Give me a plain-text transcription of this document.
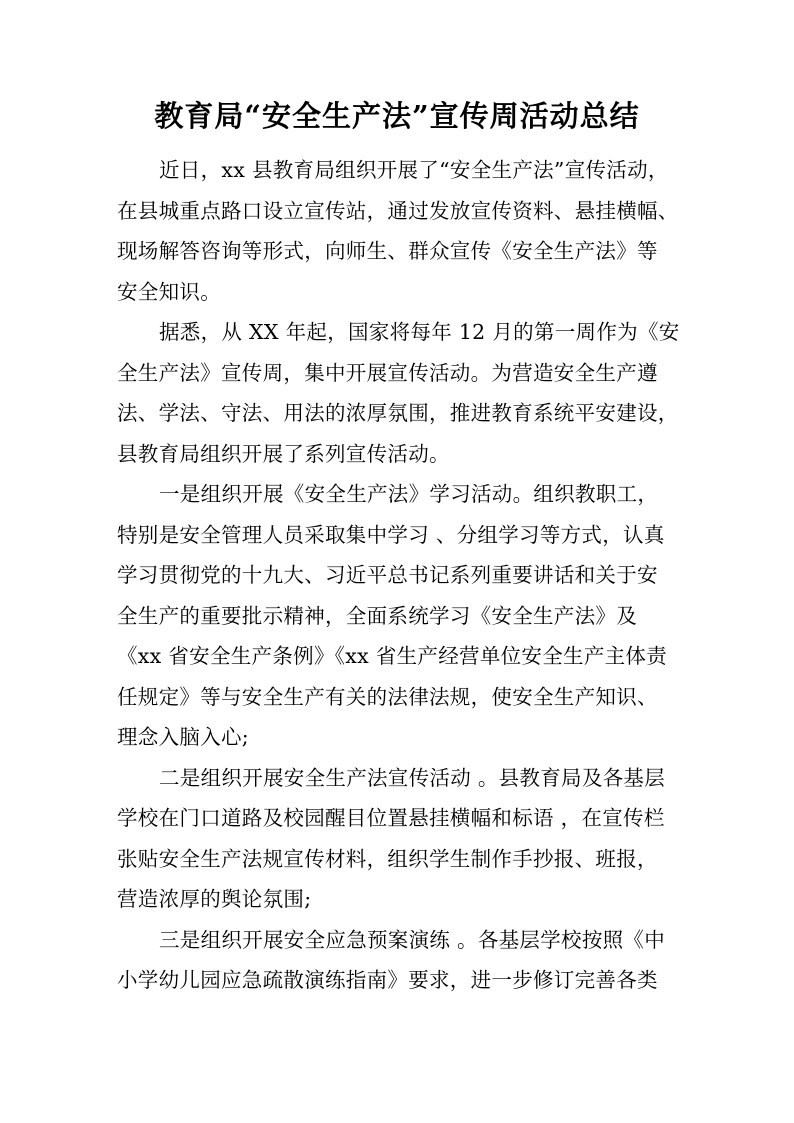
教育局“安全生产法”宣传周活动总结
近日，xx 县教育局组织开展了“安全生产法”宣传活动，
在县城重点路口设立宣传站，通过发放宣传资料、悬挂横幅、
现场解答咨询等形式，向师生、群众宣传《安全生产法》等
安全知识。
据悉，从 XX 年起，国家将每年 12 月的第一周作为《安
全生产法》宣传周，集中开展宣传活动。为营造安全生产遵
法、学法、守法、用法的浓厚氛围，推进教育系统平安建设，
县教育局组织开展了系列宣传活动。
一是组织开展《安全生产法》学习活动。组织教职工，
特别是安全管理人员采取集中学习 、分组学习等方式，认真
学习贯彻党的十九大、习近平总书记系列重要讲话和关于安
全生产的重要批示精神，全面系统学习《安全生产法》及
《xx 省安全生产条例》《xx 省生产经营单位安全生产主体责
任规定》等与安全生产有关的法律法规，使安全生产知识、
理念入脑入心;
二是组织开展安全生产法宣传活动 。县教育局及各基层
学校在门口道路及校园醒目位置悬挂横幅和标语 ，在宣传栏
张贴安全生产法规宣传材料，组织学生制作手抄报、班报，
营造浓厚的舆论氛围;
三是组织开展安全应急预案演练 。各基层学校按照《中
小学幼儿园应急疏散演练指南》要求，进一步修订完善各类
